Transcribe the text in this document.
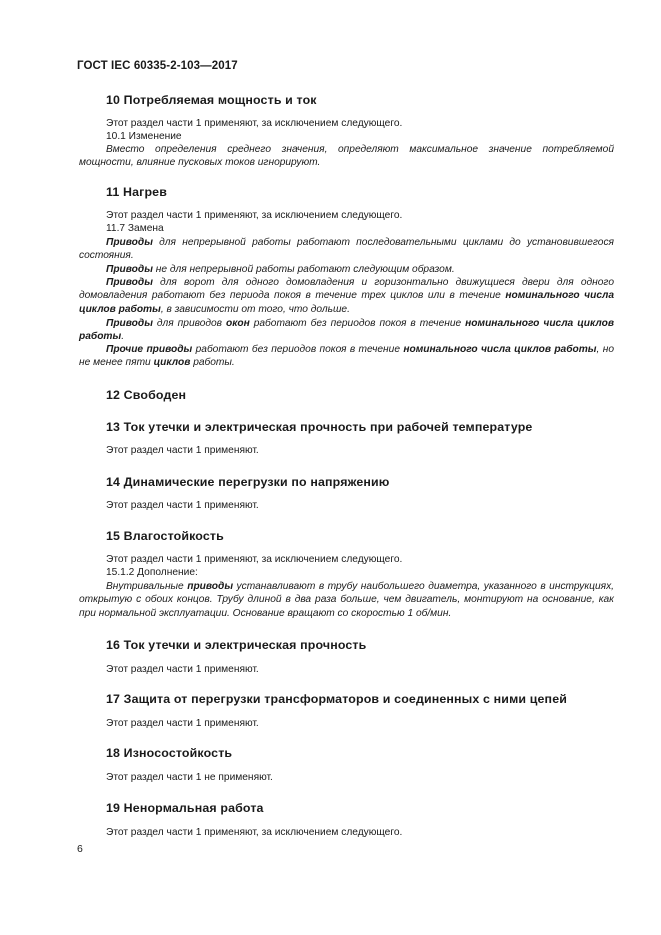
ГОСТ IEC 60335-2-103—2017
10 Потребляемая мощность и ток
Этот раздел части 1 применяют, за исключением следующего.
10.1 Изменение
Вместо определения среднего значения, определяют максимальное значение потребляемой мощности, влияние пусковых токов игнорируют.
11 Нагрев
Этот раздел части 1 применяют, за исключением следующего.
11.7 Замена
Приводы для непрерывной работы работают последовательными циклами до установившегося состояния.
Приводы не для непрерывной работы работают следующим образом.
Приводы для ворот для одного домовладения и горизонтально движущиеся двери для одного домовладения работают без периода покоя в течение трех циклов или в течение номинального числа циклов работы, в зависимости от того, что дольше.
Приводы для приводов окон работают без периодов покоя в течение номинального числа циклов работы.
Прочие приводы работают без периодов покоя в течение номинального числа циклов работы, но не менее пяти циклов работы.
12 Свободен
13 Ток утечки и электрическая прочность при рабочей температуре
Этот раздел части 1 применяют.
14 Динамические перегрузки по напряжению
Этот раздел части 1 применяют.
15 Влагостойкость
Этот раздел части 1 применяют, за исключением следующего.
15.1.2 Дополнение:
Внутривальные приводы устанавливают в трубу наибольшего диаметра, указанного в инструкциях, открытую с обоих концов. Трубу длиной в два раза больше, чем двигатель, монтируют на основание, как при нормальной эксплуатации. Основание вращают со скоростью 1 об/мин.
16 Ток утечки и электрическая прочность
Этот раздел части 1 применяют.
17 Защита от перегрузки трансформаторов и соединенных с ними цепей
Этот раздел части 1 применяют.
18 Износостойкость
Этот раздел части 1 не применяют.
19 Ненормальная работа
Этот раздел части 1 применяют, за исключением следующего.
6
